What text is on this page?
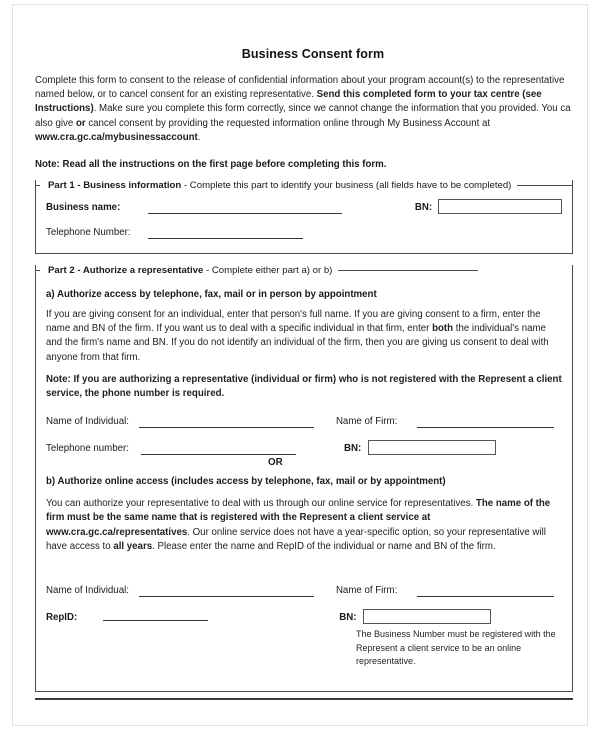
Business Consent form

Complete this form to consent to the release of confidential information about your program account(s) to the representative named below, or to cancel consent for an existing representative. Send this completed form to your tax centre (see Instructions). Make sure you complete this form correctly, since we cannot change the information that you provided. You ca also give or cancel consent by providing the requested information online through My Business Account at www.cra.gc.ca/mybusinessaccount.

Note: Read all the instructions on the first page before completing this form.
Part 1 - Business information - Complete this part to identify your business (all fields have to be completed)
Business name:	BN:
Telephone Number:
Part 2 - Authorize a representative - Complete either part a) or b)
a) Authorize access by telephone, fax, mail or in person by appointment

If you are giving consent for an individual, enter that person's full name. If you are giving consent to a firm, enter the name and BN of the firm. If you want us to deal with a specific individual in that firm, enter both the individual's name and the firm's name and BN. If you do not identify an individual of the firm, then you are giving us consent to deal with anyone from that firm.

Note: If you are authorizing a representative (individual or firm) who is not registered with the Represent a client service, the phone number is required.

Name of Individual:	Name of Firm:
Telephone number:	BN:
OR
b) Authorize online access (includes access by telephone, fax, mail or by appointment)

You can authorize your representative to deal with us through our online service for representatives. The name of the firm must be the same name that is registered with the Represent a client service at www.cra.gc.ca/representatives. Our online service does not have a year-specific option, so your representative will have access to all years. Please enter the name and RepID of the individual or name and BN of the firm.

Name of Individual:	Name of Firm:
RepID:	BN:
The Business Number must be registered with the
Represent a client service to be an online representative.
